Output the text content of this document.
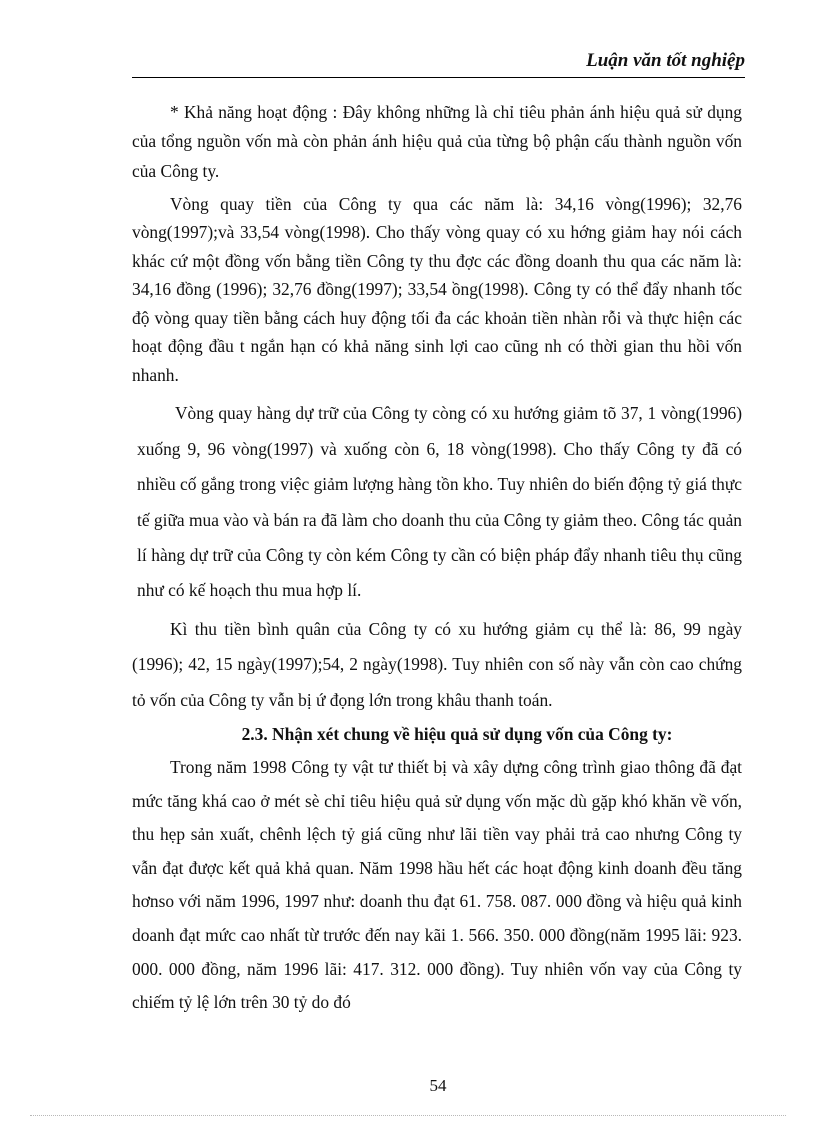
Luận văn tốt nghiệp

* Khả năng hoạt động : Đây không những là chỉ tiêu phản ánh hiệu quả sử dụng của tổng nguồn vốn mà còn phản ánh hiệu quả của từng bộ phận cấu thành nguồn vốn của Công ty.

Vòng quay tiền của Công ty qua các năm là: 34,16 vòng(1996); 32,76 vòng(1997);và 33,54 vòng(1998). Cho thấy vòng quay có xu hớng giảm hay nói cách khác cứ một đồng vốn bằng tiền Công ty thu đợc các đồng doanh thu qua các năm là: 34,16 đồng (1996); 32,76 đồng(1997); 33,54 ồng(1998). Công ty có thể đẩy nhanh tốc độ vòng quay tiền bằng cách huy động tối đa các khoản tiền nhàn rỗi và thực hiện các hoạt động đầu t ngắn hạn có khả năng sinh lợi cao cũng nh có thời gian thu hồi vốn nhanh.

Vòng quay hàng dự trữ của Công ty còng có xu hướng giảm tõ 37, 1 vòng(1996) xuống 9, 96 vòng(1997) và xuống còn 6, 18 vòng(1998). Cho thấy Công ty đã có nhiều cố gắng trong việc giảm lượng hàng tồn kho. Tuy nhiên do biến động tỷ giá thực tế giữa mua vào và bán ra đã làm cho doanh thu của Công ty giảm theo. Công tác quản lí hàng dự trữ của Công ty còn kém Công ty cần có biện pháp đẩy nhanh tiêu thụ cũng như có kế hoạch thu mua hợp lí.

Kì thu tiền bình quân của Công ty có xu hướng giảm cụ thể là: 86, 99 ngày (1996); 42, 15 ngày(1997);54, 2 ngày(1998). Tuy nhiên con số này vẫn còn cao chứng tỏ vốn của Công ty vẫn bị ứ đọng lớn trong khâu thanh toán.

2.3. Nhận xét chung về hiệu quả sử dụng vốn của Công ty:

Trong năm 1998 Công ty vật tư thiết bị và xây dựng công trình giao thông đã đạt mức tăng khá cao ở mét sè chỉ tiêu hiệu quả sử dụng vốn mặc dù gặp khó khăn về vốn, thu hẹp sản xuất, chênh lệch tỷ giá cũng như lãi tiền vay phải trả cao nhưng Công ty vẫn đạt được kết quả khả quan. Năm 1998 hầu hết các hoạt động kinh doanh đều tăng hơnso với năm 1996, 1997 như: doanh thu đạt 61. 758. 087. 000 đồng và hiệu quả kinh doanh đạt mức cao nhất từ trước đến nay kãi 1. 566. 350. 000 đồng(năm 1995 lãi: 923. 000. 000 đồng, năm 1996 lãi: 417. 312. 000 đồng). Tuy nhiên vốn vay của Công ty chiếm tỷ lệ lớn trên 30 tỷ do đó

54
